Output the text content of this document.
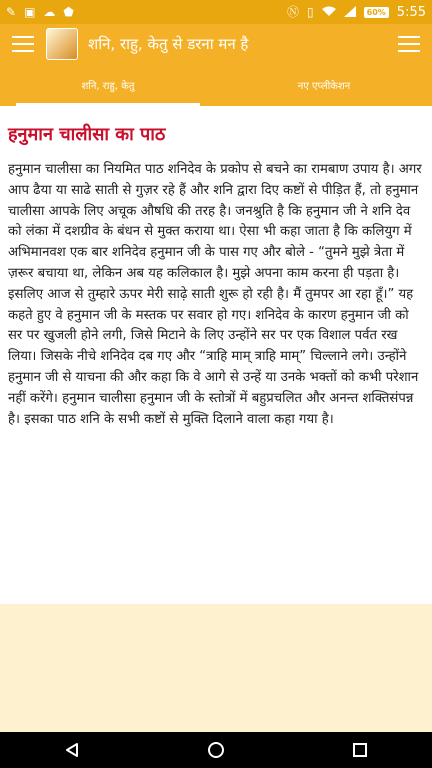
✎ ▣ ☁ ⬟	Ⓝ ▯	60% 5:55
शनि, राहु, केतु से डरना मन है
शनि, राहु, केतु	नए एप्लीकेशन
हनुमान चालीसा का पाठ

हनुमान चालीसा का नियमित पाठ शनिदेव के प्रकोप से बचने का रामबाण उपाय है। अगर आप ढैया या साढे साती से गुज़र रहे हैं और शनि द्वारा दिए कष्टों से पीड़ित हैं, तो हनुमान चालीसा आपके लिए अचूक औषधि की तरह है। जनश्रुति है कि हनुमान जी ने शनि देव को लंका में दशग्रीव के बंधन से मुक्त कराया था। ऐसा भी कहा जाता है कि कलियुग में अभिमानवश एक बार शनिदेव हनुमान जी के पास गए और बोले - “तुमने मुझे त्रेता में ज़रूर बचाया था, लेकिन अब यह कलिकाल है। मुझे अपना काम करना ही पड़ता है। इसलिए आज से तुम्हारे ऊपर मेरी साढ़े साती शुरू हो रही है। मैं तुमपर आ रहा हूँ।” यह कहते हुए वे हनुमान जी के मस्तक पर सवार हो गए। शनिदेव के कारण हनुमान जी को सर पर खुजली होने लगी, जिसे मिटाने के लिए उन्होंने सर पर एक विशाल पर्वत रख लिया। जिसके नीचे शनिदेव दब गए और “त्राहि माम् त्राहि माम्” चिल्लाने लगे। उन्होंने हनुमान जी से याचना की और कहा कि वे आगे से उन्हें या उनके भक्तों को कभी परेशान नहीं करेंगे। हनुमान चालीसा हनुमान जी के स्तोत्रों में बहुप्रचलित और अनन्त शक्तिसंपन्न है। इसका पाठ शनि के सभी कष्टों से मुक्ति दिलाने वाला कहा गया है।
